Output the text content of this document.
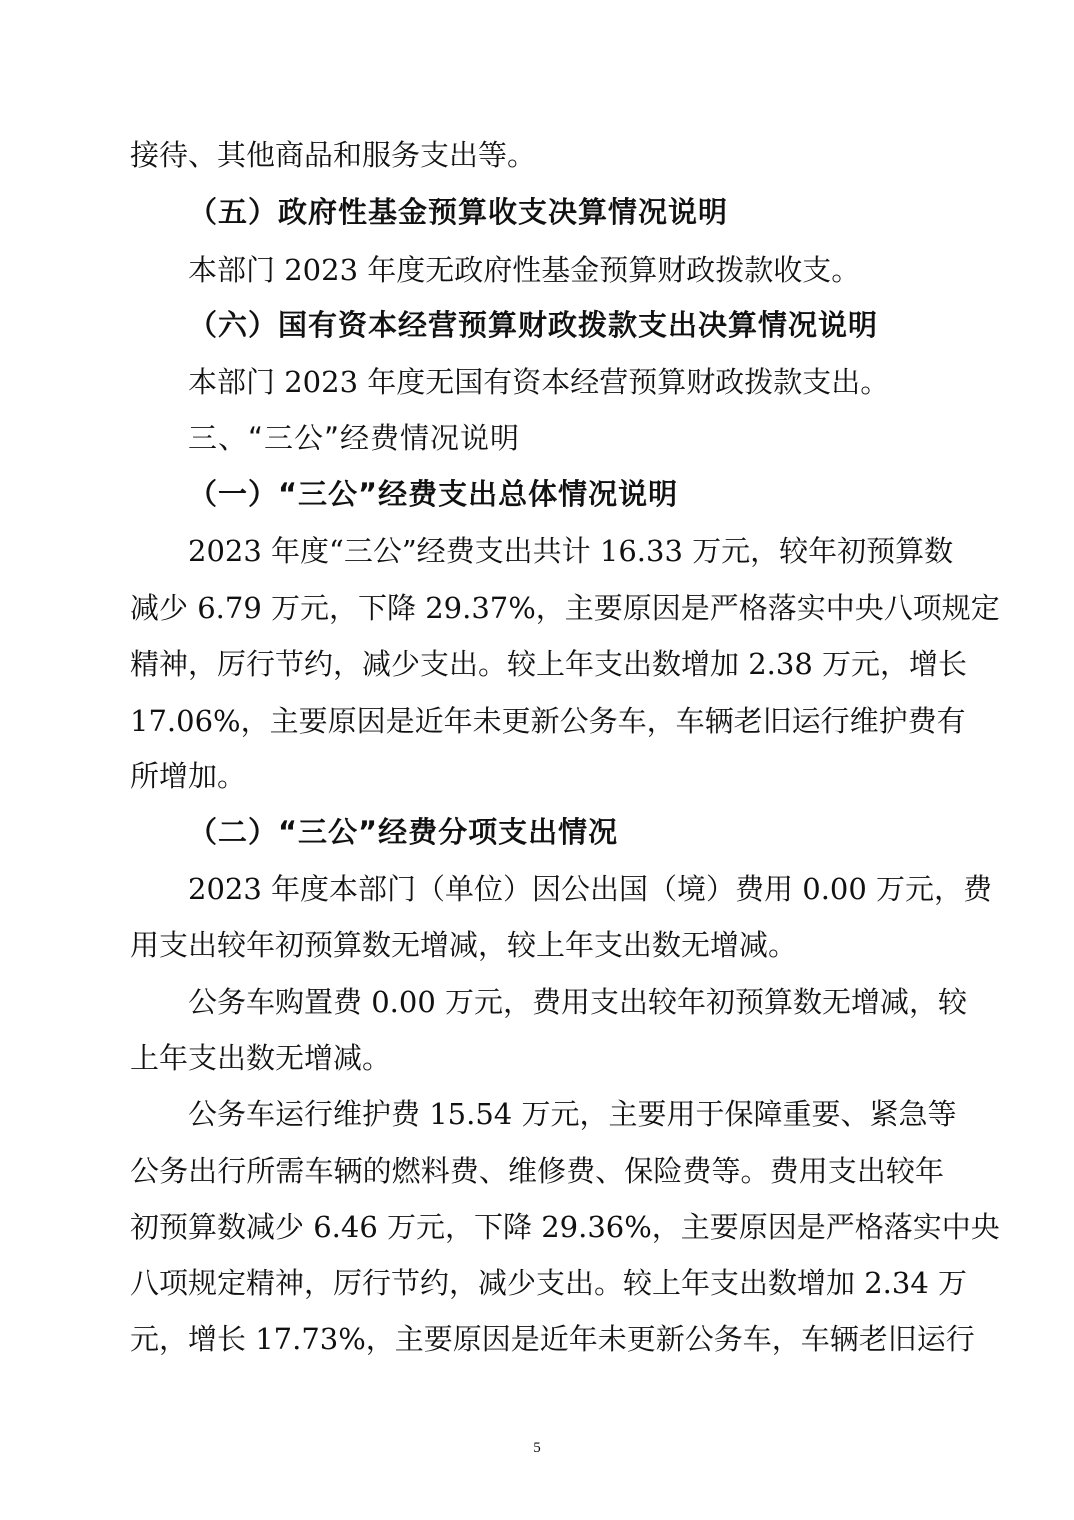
接待、其他商品和服务支出等。
（五）政府性基金预算收支决算情况说明
本部门 2023 年度无政府性基金预算财政拨款收支。
（六）国有资本经营预算财政拨款支出决算情况说明
本部门 2023 年度无国有资本经营预算财政拨款支出。
三、“三公”经费情况说明
（一）“三公”经费支出总体情况说明
2023 年度“三公”经费支出共计 16.33 万元，较年初预算数
减少 6.79 万元，下降 29.37%，主要原因是严格落实中央八项规定
精神，厉行节约，减少支出。较上年支出数增加 2.38 万元，增长
17.06%，主要原因是近年未更新公务车，车辆老旧运行维护费有
所增加。
（二）“三公”经费分项支出情况
2023 年度本部门（单位）因公出国（境）费用 0.00 万元，费
用支出较年初预算数无增减，较上年支出数无增减。
公务车购置费 0.00 万元，费用支出较年初预算数无增减，较
上年支出数无增减。
公务车运行维护费 15.54 万元，主要用于保障重要、紧急等
公务出行所需车辆的燃料费、维修费、保险费等。费用支出较年
初预算数减少 6.46 万元，下降 29.36%，主要原因是严格落实中央
八项规定精神，厉行节约，减少支出。较上年支出数增加 2.34 万
元，增长 17.73%，主要原因是近年未更新公务车，车辆老旧运行
5
